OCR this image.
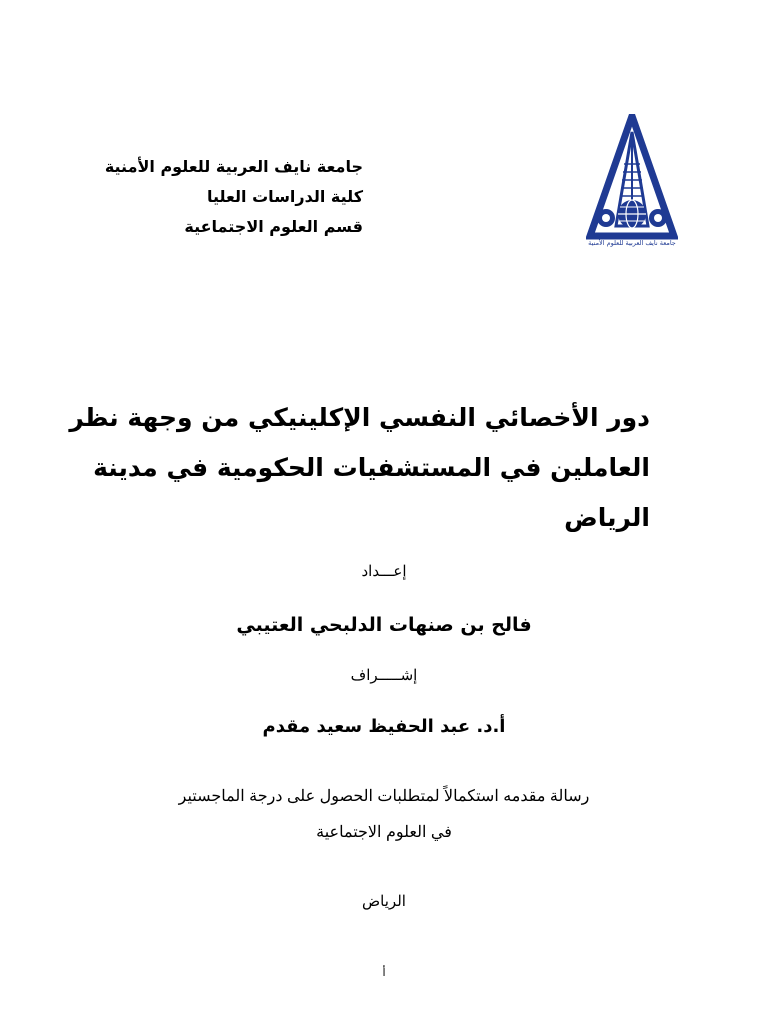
جامعة نايف العربية للعلوم الأمنية
كلية الدراسات العليا
قسم العلوم الاجتماعية
جامعة نايف العربية للعلوم الأمنية
دور الأخصائي النفسي الإكلينيكي من وجهة نظر
العاملين في المستشفيات الحكومية في مدينة الرياض
إعـــداد
فالح بن صنهات الدلبحي العتيبي
إشـــــراف
أ.د. عبد الحفيظ سعيد مقدم
رسالة مقدمه استكمالاً لمتطلبات الحصول على درجة الماجستير
في العلوم الاجتماعية
الرياض
أ
